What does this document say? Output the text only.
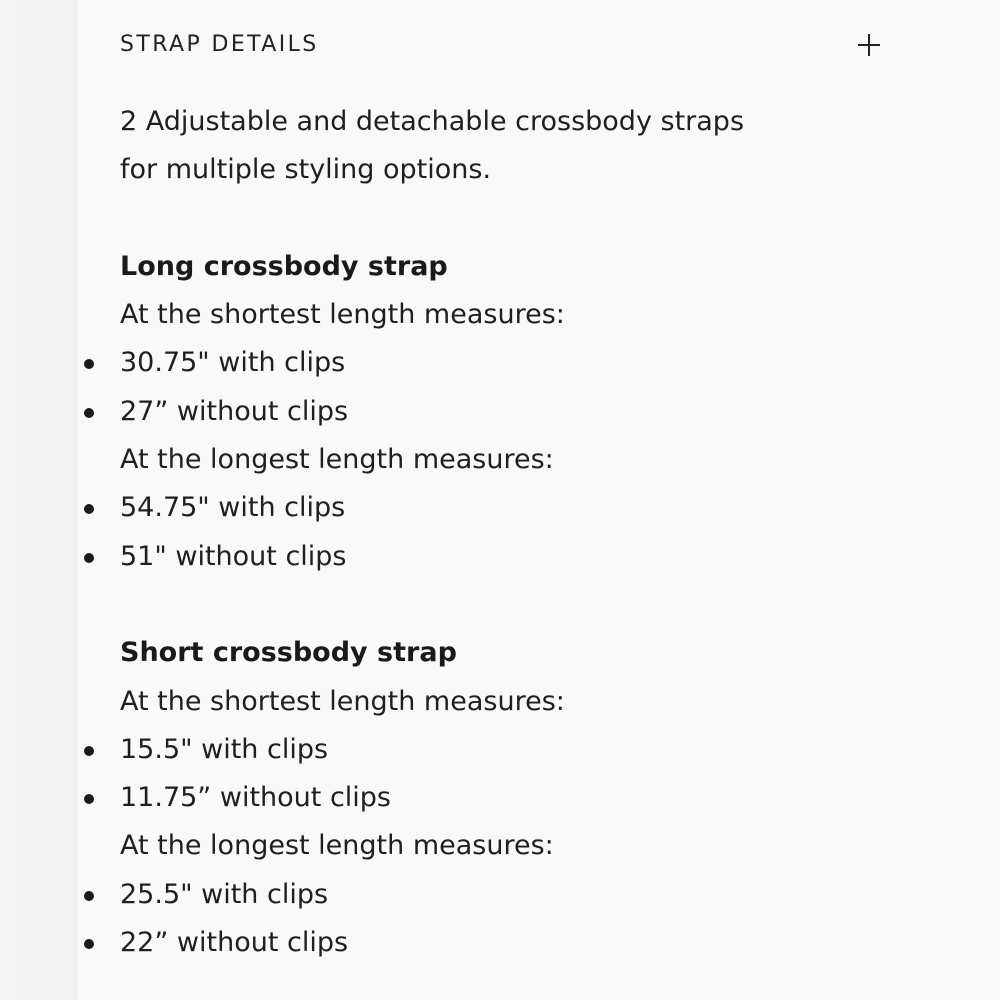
STRAP DETAILS
2 Adjustable and detachable crossbody straps
for multiple styling options.
Long crossbody strap
At the shortest length measures:
30.75" with clips
27” without clips
At the longest length measures:
54.75" with clips
51" without clips
Short crossbody strap
At the shortest length measures:
15.5" with clips
11.75” without clips
At the longest length measures:
25.5" with clips
22” without clips
